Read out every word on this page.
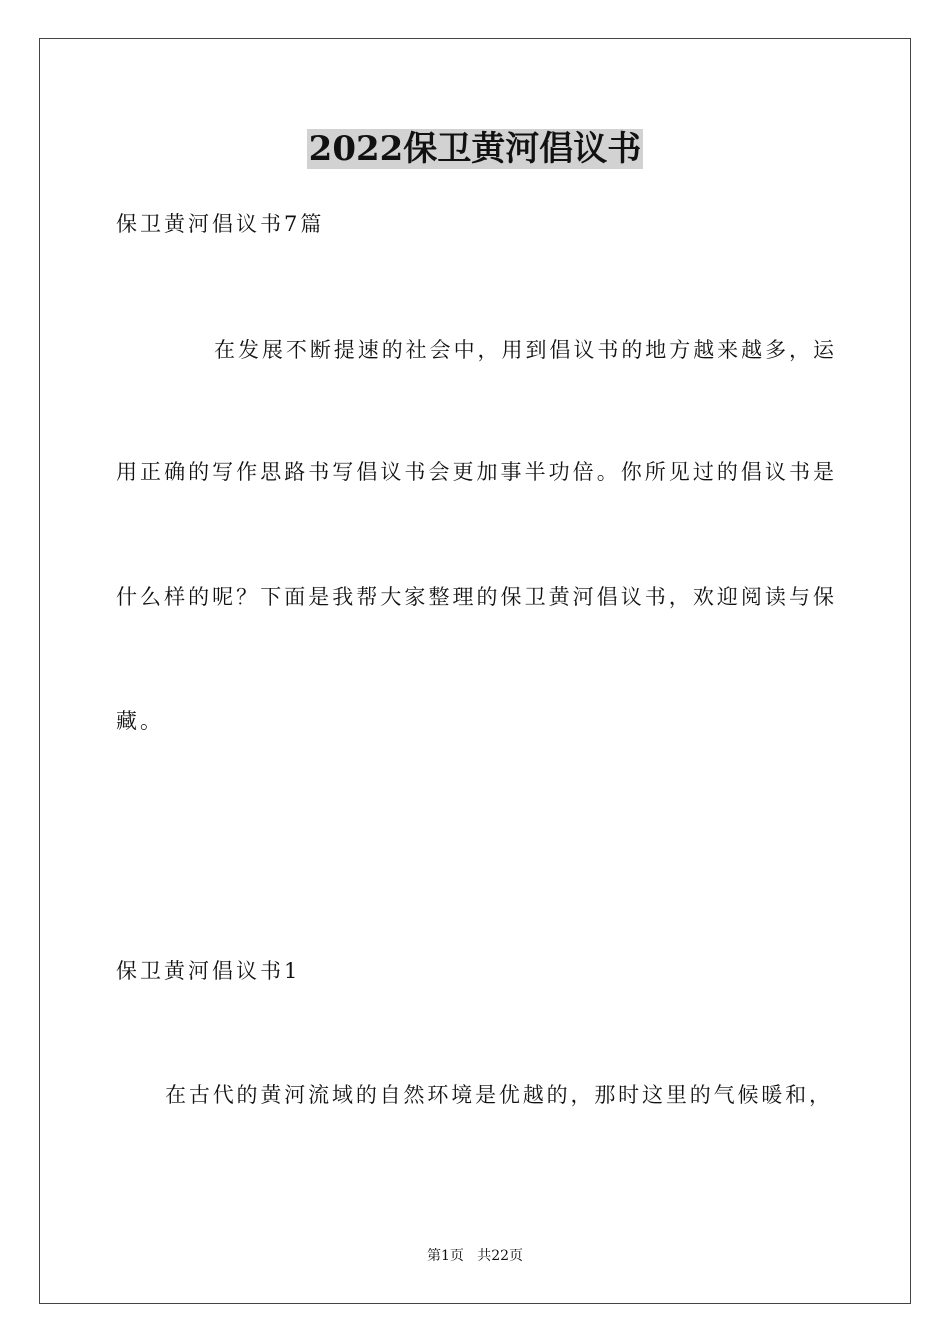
2022保卫黄河倡议书
保卫黄河倡议书7篇
在发展不断提速的社会中，用到倡议书的地方越来越多，运
用正确的写作思路书写倡议书会更加事半功倍。你所见过的倡议书是
什么样的呢？下面是我帮大家整理的保卫黄河倡议书，欢迎阅读与保
藏。
保卫黄河倡议书1
在古代的黄河流域的自然环境是优越的，那时这里的气候暖和，
第1页   共22页
